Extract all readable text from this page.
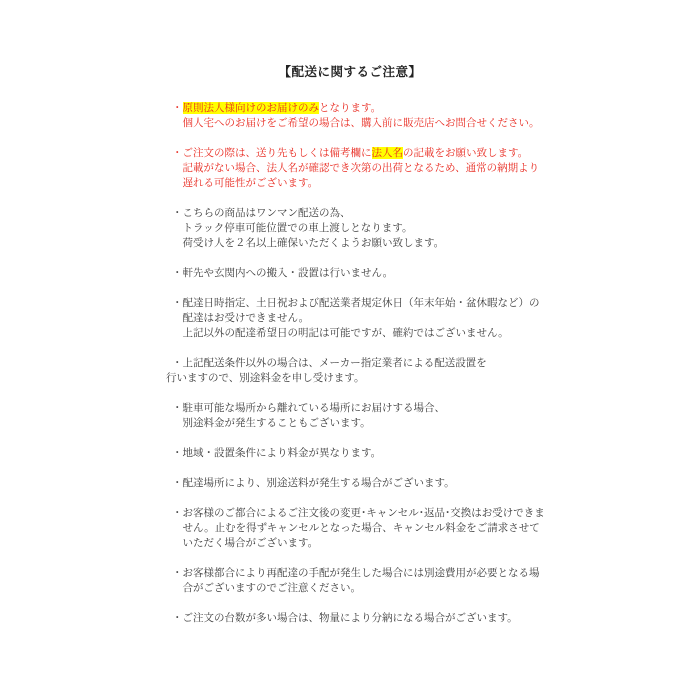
【配送に関するご注意】
・原則法人様向けのお届けのみとなります。
個人宅へのお届けをご希望の場合は、購入前に販売店へお問合せください。
・ご注文の際は、送り先もしくは備考欄に法人名の記載をお願い致します。
記載がない場合、法人名が確認でき次第の出荷となるため、通常の納期より
遅れる可能性がございます。
・こちらの商品はワンマン配送の為、
トラック停車可能位置での車上渡しとなります。
荷受け人を２名以上確保いただくようお願い致します。
・軒先や玄関内への搬入・設置は行いません。
・配達日時指定、土日祝および配送業者規定休日（年末年始・盆休暇など）の
配達はお受けできません。
上記以外の配達希望日の明記は可能ですが、確約ではございません。
・上記配送条件以外の場合は、メーカー指定業者による配送設置を
行いますので、別途料金を申し受けます。
・駐車可能な場所から離れている場所にお届けする場合、
別途料金が発生することもございます。
・地域・設置条件により料金が異なります。
・配達場所により、別途送料が発生する場合がございます。
・お客様のご都合によるご注文後の変更･キャンセル･返品･交換はお受けできま
せん。止むを得ずキャンセルとなった場合、キャンセル料金をご請求させて
いただく場合がございます。
・お客様都合により再配達の手配が発生した場合には別途費用が必要となる場
合がございますのでご注意ください。
・ご注文の台数が多い場合は、物量により分納になる場合がございます。
